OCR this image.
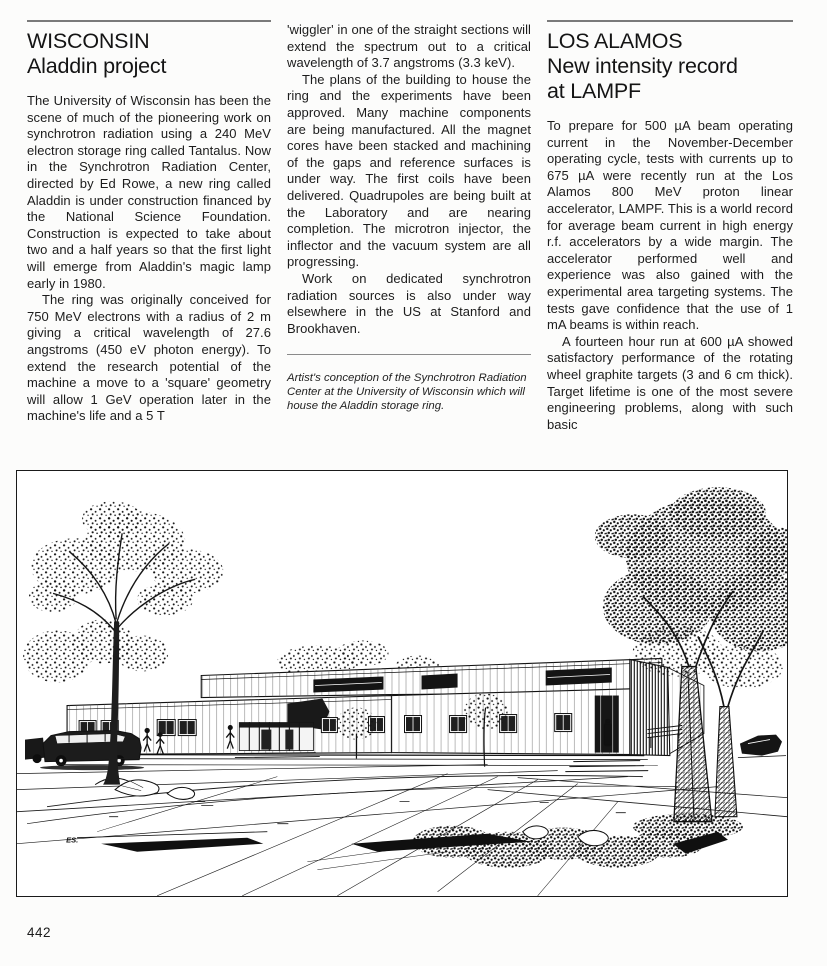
WISCONSIN
Aladdin project

The University of Wisconsin has been the scene of much of the pioneering work on synchrotron radiation using a 240 MeV electron storage ring called Tantalus. Now in the Synchrotron Radiation Center, directed by Ed Rowe, a new ring called Aladdin is under construction financed by the National Science Foundation. Construction is expected to take about two and a half years so that the first light will emerge from Aladdin's magic lamp early in 1980.

The ring was originally conceived for 750 MeV electrons with a radius of 2 m giving a critical wavelength of 27.6 angstroms (450 eV photon energy). To extend the research potential of the machine a move to a 'square' geometry will allow 1 GeV operation later in the machine's life and a 5 T

'wiggler' in one of the straight sections will extend the spectrum out to a critical wavelength of 3.7 angstroms (3.3 keV).

The plans of the building to house the ring and the experiments have been approved. Many machine components are being manufactured. All the magnet cores have been stacked and machining of the gaps and reference surfaces is under way. The first coils have been delivered. Quadrupoles are being built at the Laboratory and are nearing completion. The microtron injector, the inflector and the vacuum system are all progressing.

Work on dedicated synchrotron radiation sources is also under way elsewhere in the US at Stanford and Brookhaven.

Artist's conception of the Synchrotron Radiation Center at the University of Wisconsin which will house the Aladdin storage ring.

LOS ALAMOS
New intensity record
at LAMPF

To prepare for 500 µA beam operating current in the November-December operating cycle, tests with currents up to 675 µA were recently run at the Los Alamos 800 MeV proton linear accelerator, LAMPF. This is a world record for average beam current in high energy r.f. accelerators by a wide margin. The accelerator performed well and experience was also gained with the experimental area targeting systems. The tests gave confidence that the use of 1 mA beams is within reach.

A fourteen hour run at 600 µA showed satisfactory performance of the rotating wheel graphite targets (3 and 6 cm thick). Target lifetime is one of the most severe engineering problems, along with such basic

ES.
442
